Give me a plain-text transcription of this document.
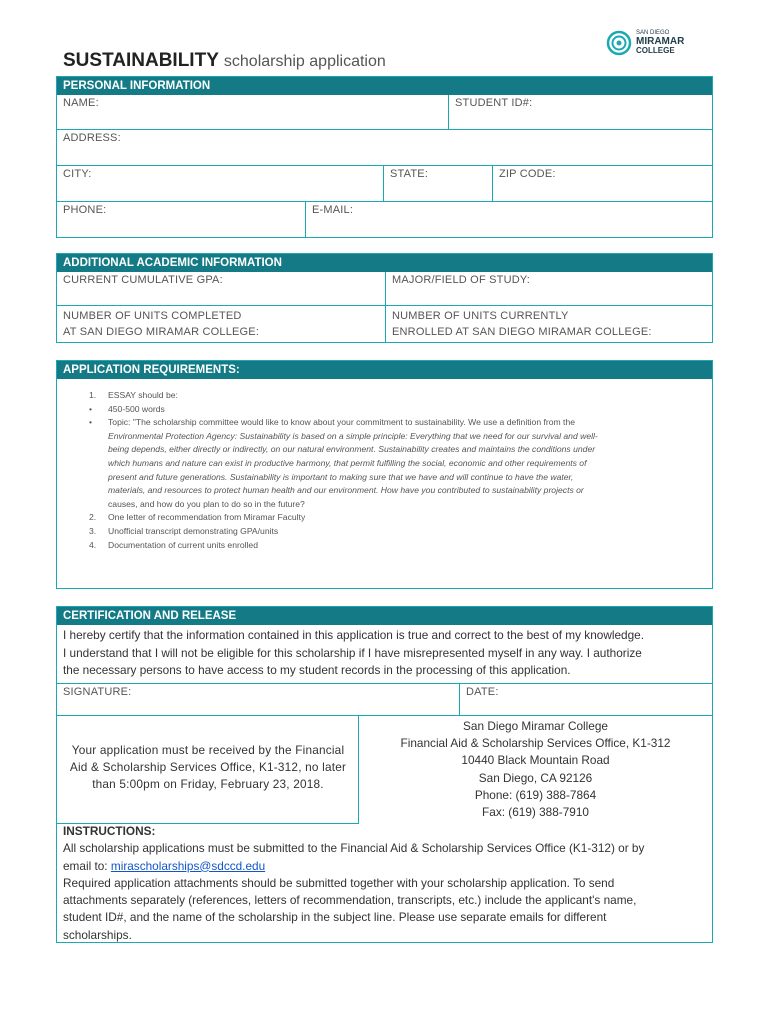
SUSTAINABILITY scholarship application
SAN DIEGO
MIRAMAR
COLLEGE
PERSONAL INFORMATION
NAME:	STUDENT ID#:
ADDRESS:
CITY:	STATE:	ZIP CODE:
PHONE:	E-MAIL:
ADDITIONAL ACADEMIC INFORMATION
CURRENT CUMULATIVE GPA:	MAJOR/FIELD OF STUDY:
NUMBER OF UNITS COMPLETED
AT SAN DIEGO MIRAMAR COLLEGE:
NUMBER OF UNITS CURRENTLY
ENROLLED AT SAN DIEGO MIRAMAR COLLEGE:
APPLICATION REQUIREMENTS:
1. ESSAY should be:
• 450-500 words
• Topic: "The scholarship committee would like to know about your commitment to sustainability. We use a definition from the
Environmental Protection Agency: Sustainability is based on a simple principle: Everything that we need for our survival and well-
being depends, either directly or indirectly, on our natural environment. Sustainability creates and maintains the conditions under
which humans and nature can exist in productive harmony, that permit fulfilling the social, economic and other requirements of
present and future generations. Sustainability is important to making sure that we have and will continue to have the water,
materials, and resources to protect human health and our environment. How have you contributed to sustainability projects or
causes, and how do you plan to do so in the future?
2. One letter of recommendation from Miramar Faculty
3. Unofficial transcript demonstrating GPA/units
4. Documentation of current units enrolled
CERTIFICATION AND RELEASE
I hereby certify that the information contained in this application is true and correct to the best of my knowledge.
I understand that I will not be eligible for this scholarship if I have misrepresented myself in any way. I authorize
the necessary persons to have access to my student records in the processing of this application.
SIGNATURE:	DATE:
Your application must be received by the Financial
Aid & Scholarship Services Office, K1-312, no later
than 5:00pm on Friday, February 23, 2018.
San Diego Miramar College
Financial Aid & Scholarship Services Office, K1-312
10440 Black Mountain Road
San Diego, CA 92126
Phone: (619) 388-7864
Fax: (619) 388-7910
INSTRUCTIONS:
All scholarship applications must be submitted to the Financial Aid & Scholarship Services Office (K1-312) or by
email to: mirascholarships@sdccd.edu
Required application attachments should be submitted together with your scholarship application. To send
attachments separately (references, letters of recommendation, transcripts, etc.) include the applicant's name,
student ID#, and the name of the scholarship in the subject line. Please use separate emails for different
scholarships.
